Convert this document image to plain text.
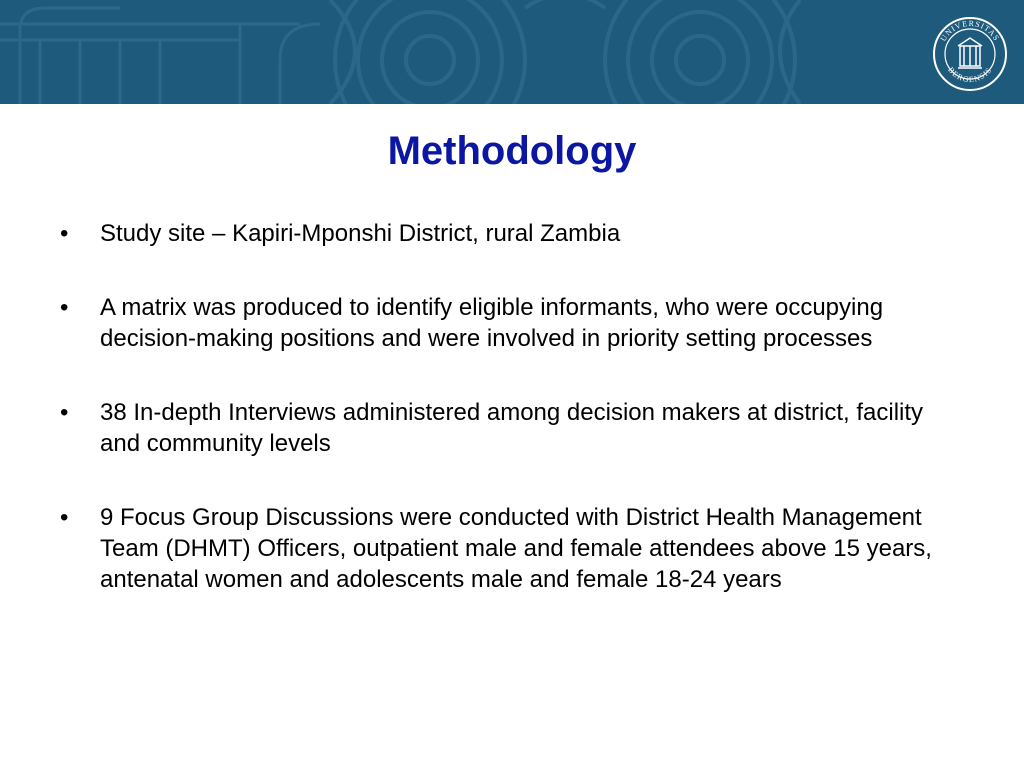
UNIVERSITAS
BERGENSIS
Methodology
•	Study site – Kapiri-Mponshi District, rural Zambia
•	A matrix was produced to identify eligible informants, who were occupying decision-making positions and were involved in priority setting processes
•	38 In-depth Interviews administered among decision makers at district, facility and community levels
•	9 Focus Group Discussions were conducted with District Health Management Team (DHMT) Officers, outpatient male and female attendees above 15 years, antenatal women and adolescents male and female 18-24 years
